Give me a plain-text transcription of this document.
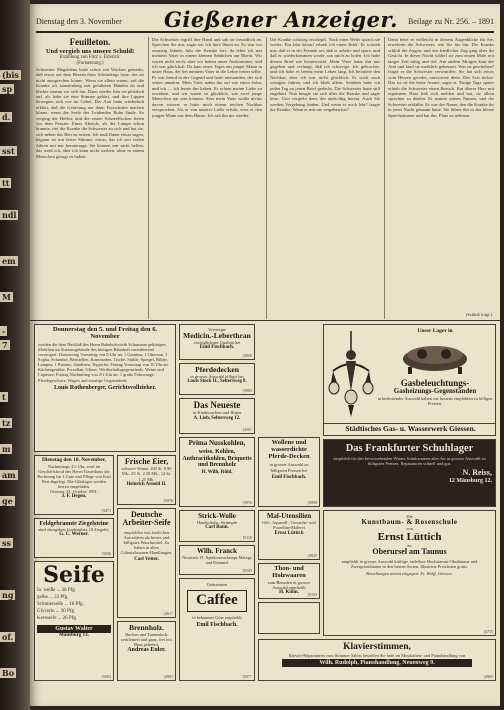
(bis
sp
d.
sst
tt
ndl
em
M
-
7
t
tz
m
am
ge
ss
ng
of.
Bo
Dienstag den 3. November Gießener Anzeiger. Beilage zu Nr. 256. – 1891
Feuilleton.
Und vergieb uns unsere Schuld!
Erzählung von Fritz v. Esterich.
(Fortsetzung.)

Schwester Magdalena hatte schon seit Wochen gemerkt, daß etwas auf dem Herzen ihres Schützlings laste, das sie nicht aussprechen könne. Wenn sie allein waren, saß die Kranke oft stundenlang mit gefalteten Händen da und blickte stumm vor sich hin. Dann wieder fuhr sie plötzlich auf, als habe sie eine Stimme gehört, und ihre Lippen bewegten sich wie im Gebet. Der Arzt hatte wiederholt erklärt, daß die Genesung nur dann Fortschritte machen könne, wenn die Seele der Leidenden Ruhe fände. So verging der Herbst, und die ersten Schneeflocken fielen vor dem Fenster. Eines Abends, als die Lampe schon brannte, rief die Kranke die Schwester zu sich und bat sie, sich neben das Bett zu setzen. Ich muß Ihnen etwas sagen, begann sie mit leiser Stimme, etwas, das ich seit vielen Jahren mit mir herumtrage. Sie können mir nicht helfen, das weiß ich, aber ich kann nicht sterben, ohne es einem Menschen gesagt zu haben.

Die Schwester ergriff ihre Hand und sah sie freundlich an. Sprechen Sie nur, sagte sie, ich höre Ihnen zu. Es war vor zwanzig Jahren, fuhr die Kranke fort, da lebte ich mit meinem Vater in einem kleinen Städtchen am Rhein. Wir waren nicht reich, aber wir hatten unser Auskommen, und ich war glücklich. Da kam eines Tages ein junger Mann in unser Haus, der bei meinem Vater in die Lehre treten sollte. Er war fremd in der Gegend und hatte niemanden, der sich seiner annahm. Mein Vater nahm ihn auf wie einen Sohn, und ich — ich lernte ihn lieben. Er schien meine Liebe zu erwidern, und wir waren so glücklich, wie zwei junge Menschen nur sein können. Aber mein Vater wollte nichts davon wissen; er hatte mich einem reichen Nachbar versprochen. Als er von unserer Liebe erfuhr, wies er den jungen Mann aus dem Hause. Ich sah ihn nie wieder.

Die Kranke schwieg erschöpft. Nach einer Weile sprach sie weiter: Ein Jahr darauf erhielt ich einen Brief. Er schrieb mir, daß er in der Fremde sei, daß er arbeite und spare, und daß er wiederkommen werde, um mich zu holen. Ich habe diesen Brief nie beantwortet. Mein Vater hatte ihn mir gegeben und verlangt, daß ich schweige. Ich gehorchte, und ich habe es bereut mein Leben lang. Ich heiratete den Nachbar, aber ich war nicht glücklich. Er starb nach wenigen Jahren, und ich blieb allein. Seitdem habe ich jeden Tag an jenen Brief gedacht. Die Schwester hatte still zugehört. Nun beugte sie sich über die Kranke und sagte leise: Gott vergiebt dem, der aufrichtig bereut. Auch Sie werden Vergebung finden. Und wenn er noch lebt? fragte die Kranke. Wenn er mir nie vergeben hat?

Dann betet er vielleicht in diesem Augenblicke für Sie, erwiderte die Schwester, wie Sie für ihn. Die Kranke schloß die Augen, und ein friedlicher Zug ging über ihr Gesicht. In dieser Nacht schlief sie zum ersten Male seit langer Zeit ruhig und tief. Am andern Morgen kam der Arzt und fand sie merklich gebessert. Was ist geschehen? fragte er die Schwester verwundert. Sie hat sich etwas vom Herzen geredet, antwortete diese. Der Arzt nickte. Das ist oft die beste Arznei, sagte er. Einige Tage später erhielt die Schwester einen Besuch. Ein älterer Herr mit ergrautem Haar ließ sich melden und bat, sie allein sprechen zu dürfen. Er nannte seinen Namen, und die Schwester erblaßte. Es war der Name, den die Kranke ihr in jener Nacht genannt hatte. Sie führte ihn in das kleine Sprechzimmer und bat ihn, Platz zu nehmen.

(Schluß folgt.)
Donnerstag den 5. und Freitag den 6. November
werden die dem Nachlaß des Herrn Bahnhofswirth Schumann gehörigen Mobilien im Stationsgebäude des hiesigen Bahnhofs meistbietend versteigert: Donnerstag Vormittag von 9 Uhr an: 1 Garnitur, 1 Ottoman, 1 Sopha, Schränke, Bettstellen, Kommoden, Tische, Stühle, Spiegel, Bilder, Lampen, 1 Pianino, Gardinen, Teppiche; Freitag Vormittag von 10 Uhr an: Küchengeräthe, Porzellan, Gläser, Wirthschaftsgegenstände, Weine und Liqueure. Freitag Nachmittag von 2½ Uhr an: 1 große Fuhrwaage, Pferdegeschirre, Wagen und sonstige Gegenstände.
Louis Rothenberger, Gerichtsvollzieher.
Dienstag den 10. November,
Nachmittags 2½ Uhr, wird im Geschäftslocal des Herrn Trauerhaus die Rechnung für 1 Gute und Pflege von Karl Bett abgelegt. Die Gläubiger werden hierzu eingeladen.
Giessen, 31. October 1891.
J. F. Degen.
[3471
Feldgebrannte Ziegelsteine
sind abzugeben Lindenplatz 10 Ziegelei.
G. C. Werner.
[5030
Seife
Ia. weiße ... 28 Pfg.
gelbe ... 22 Pfg.
Schmierseife ... 18 Pfg.
Glycerin ... 30 Pfg.
Kernseife ... 26 Pfg.
Gustav Walter
Mäusburg 13.
[5004
Frische Eier,
schwere Waare, 100 St. 9.90 Mk., 25 St. 2.50 Mk., 12 St. 1.25 Mk.
Heinrich Arnold II.
[5076
Deutsche Arbeiter-Seife
empfohlen von ärztlichen Autoritäten als bestes und billigstes Waschmittel. Zu haben in allen Colonialwaaren-Handlungen.
Carl Vetter.
[4617
Brennholz.
Buchen und Tannenholz zerkleinert und ganz, frei in's Haus geliefert.
Andreas Euler.
[4991
Vereinigte
Medicin.-Leberthran
vorzüglichster Qualität bei
Emil Fischbach.
[4860
Pferdedecken
in grosser Auswahl billigst bei
Louis Stock II., Seltersweg 8.
[3983
Das Neueste
in Kindersachen und Hüten
A. Lieb, Seltersweg 12.
[4301
Prima Nusskohlen,
weiss. Kohlen, Anthracitkohlen, Briquetts und Brennholz
H. Wilh. Rühl.
[3976
Strick-Wolle
Handschuhe, Strümpfe
Carl Bonn.
[5116
Wilh. Franck
Neustadt 19. Aprikosenschnaps Malaga und Kümmel
[5105
Gebrannten
Caffee
in bekannter Güte empfiehlt
Emil Fischbach.
[5077
Wollene und wasserdichte Pferde-Decken
in grosser Auswahl zu billigsten Preisen bei
Emil Fischbach.
[5099
Mal-Utensilien
Oel-, Aquarell-, Gouache- und Porzellan-Malerei
Ernst Lüttich
[4829
Thon- und Holzwaaren
zum Bemalen in grosser Auswahl empfiehlt
H. Kühn.	[5103
Unser Lager in
Gasbeleuchtungs-
Gasheizungs-Gegenständen
in bedeutender Auswahl halten wir bestens empfohlen zu billigen Preisen.
Städtisches Gas- u. Wasserwerk Giessen.
Das Frankfurter Schuhlager
empfiehlt für den bevorstehenden Winter Schuhwaaren aller Art in grosser Auswahl zu billigsten Preisen. Reparaturen schnell und gut.
N. Reiss,
12 Mäusburg 12.
Die
Kunstbaum- & Rosenschule
von
Ernst Lüttich
zu
Oberursel am Taunus
empfiehlt in grosser Auswahl kräftige, tadellose Hochstamm-Obstbäume und Zwergobstbäume in den besten Sorten. Illustrirte Preislisten gratis.
Bestellungen nimmt entgegen: Fr. Wolff, Giessen.
[4755
Klavierstimmen,
Klavier-Reparaturen vom Stimmer Sabin, bestellen Sie bitte im Musikalien- und Pianohandlung von
Wilh. Rudolph, Pianohandlung, Neuenweg 9.
[4965
